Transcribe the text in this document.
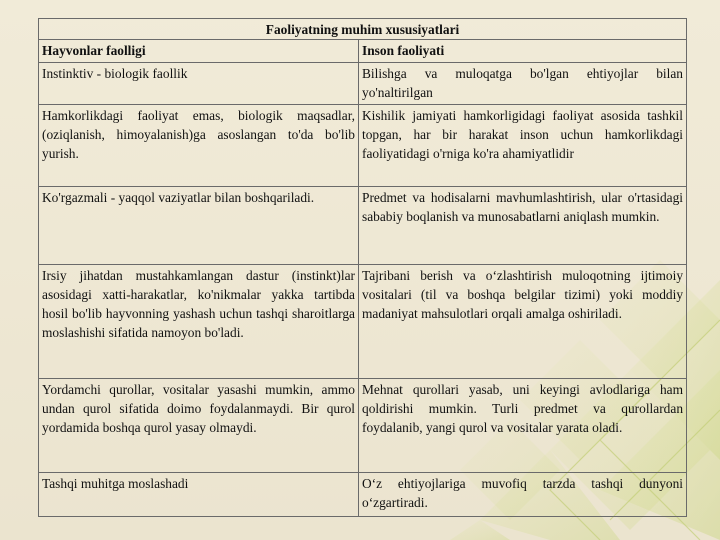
Faoliyatning muhim xususiyatlari	
Hayvonlar faolligi	Inson faoliyati
Instinktiv - biologik faollik	Bilishga va muloqatga bo'lgan ehtiyojlar bilan yo'naltirilgan
Hamkorlikdagi faoliyat emas, biologik maqsadlar, (oziqlanish, himoyalanish)ga asoslangan to'da bo'lib yurish.	Kishilik jamiyati hamkorligidagi faoliyat asosida tashkil topgan, har bir harakat inson uchun hamkorlikdagi faoliyatidagi o'rniga ko'ra ahamiyatlidir
Ko'rgazmali - yaqqol vaziyatlar bilan boshqariladi.	Predmet va hodisalarni mavhumlashtirish, ular o'rtasidagi sababiy boqlanish va munosabatlarni aniqlash mumkin.
Irsiy jihatdan mustahkamlangan dastur (instinkt)lar asosidagi xatti-harakatlar, ko'nikmalar yakka tartibda hosil bo'lib hayvonning yashash uchun tashqi sharoitlarga moslashishi sifatida namoyon bo'ladi.	Tajribani berish va oʻzlashtirish muloqotning ijtimoiy vositalari (til va boshqa belgilar tizimi) yoki moddiy madaniyat mahsulotlari orqali amalga oshiriladi.
Yordamchi qurollar, vositalar yasashi mumkin, ammo undan qurol sifatida doimo foydalanmaydi. Bir qurol yordamida boshqa qurol yasay olmaydi.	Mehnat qurollari yasab, uni keyingi avlodlariga ham qoldirishi mumkin. Turli predmet va qurollardan foydalanib, yangi qurol va vositalar yarata oladi.
Tashqi muhitga moslashadi	Oʻz ehtiyojlariga muvofiq tarzda tashqi dunyoni oʻzgartiradi.
